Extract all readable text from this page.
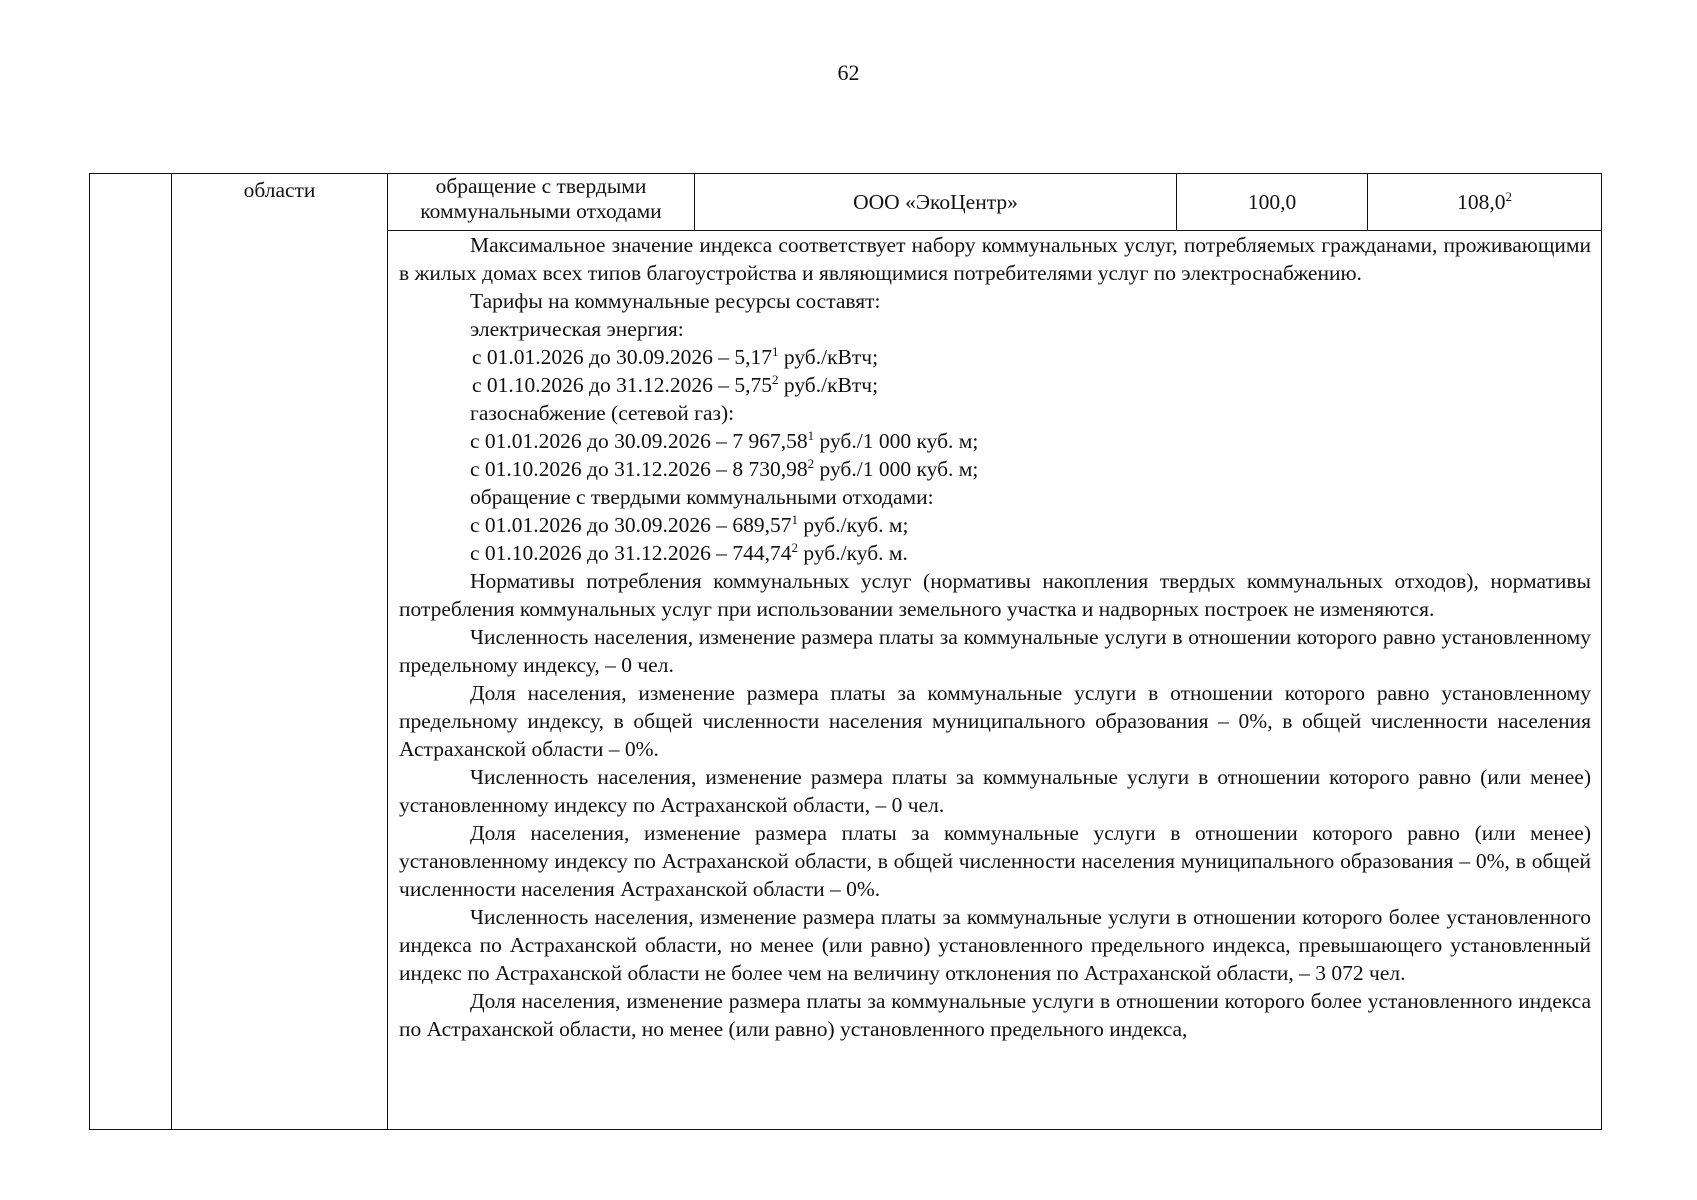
62
	области	обращение с твердыми коммунальными отходами	ООО «ЭкоЦентр»	100,0	108,0$^2$

Максимальное значение индекса соответствует набору коммунальных услуг, потребляемых гражданами, проживающими в жилых домах всех типов благоустройства и являющимися потребителями услуг по электроснабжению.

Тарифы на коммунальные ресурсы составят:

электрическая энергия:

с 01.01.2026 до 30.09.2026 – 5,17$^1$ руб./кВтч;

с 01.10.2026 до 31.12.2026 – 5,75$^2$ руб./кВтч;

газоснабжение (сетевой газ):

с 01.01.2026 до 30.09.2026 – 7 967,58$^1$ руб./1 000 куб. м;

с 01.10.2026 до 31.12.2026 – 8 730,98$^2$ руб./1 000 куб. м;

обращение с твердыми коммунальными отходами:

с 01.01.2026 до 30.09.2026 – 689,57$^1$ руб./куб. м;

с 01.10.2026 до 31.12.2026 – 744,74$^2$ руб./куб. м.

Нормативы потребления коммунальных услуг (нормативы накопления твердых коммунальных отходов), нормативы потребления коммунальных услуг при использовании земельного участка и надворных построек не изменяются.

Численность населения, изменение размера платы за коммунальные услуги в отношении которого равно установленному предельному индексу, – 0 чел.

Доля населения, изменение размера платы за коммунальные услуги в отношении которого равно установленному предельному индексу, в общей численности населения муниципального образования – 0%, в общей численности населения Астраханской области – 0%.

Численность населения, изменение размера платы за коммунальные услуги в отношении которого равно (или менее) установленному индексу по Астраханской области, – 0 чел.

Доля населения, изменение размера платы за коммунальные услуги в отношении которого равно (или менее) установленному индексу по Астраханской области, в общей численности населения муниципального образования – 0%, в общей численности населения Астраханской области – 0%.

Численность населения, изменение размера платы за коммунальные услуги в отношении которого более установленного индекса по Астраханской области, но менее (или равно) установленного предельного индекса, превышающего установленный индекс по Астраханской области не более чем на величину отклонения по Астраханской области, – 3 072 чел.

Доля населения, изменение размера платы за коммунальные услуги в отношении которого более установленного индекса по Астраханской области, но менее (или равно) установленного предельного индекса,
